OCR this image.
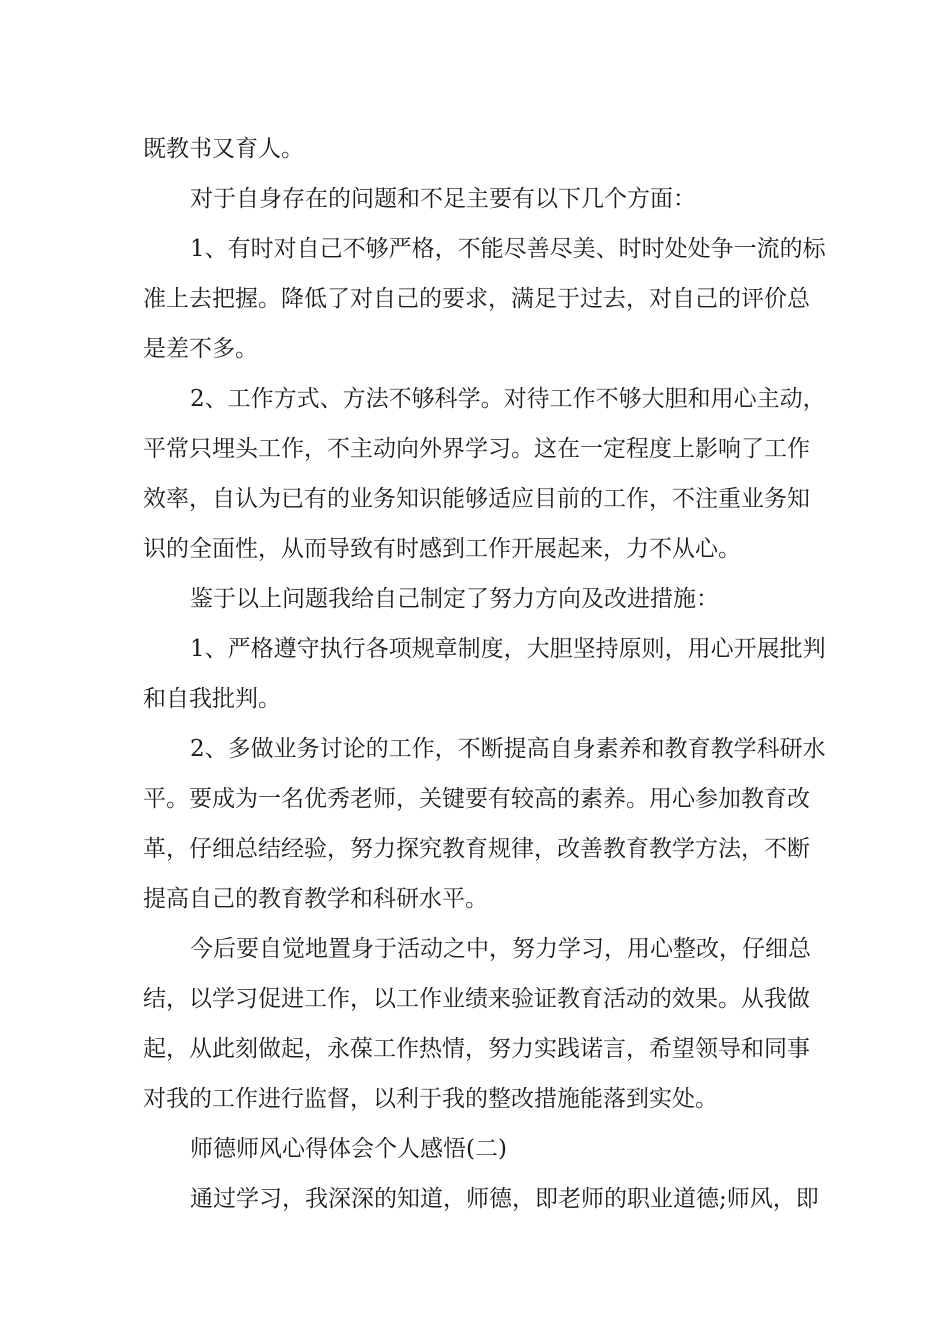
既教书又育人。
对于自身存在的问题和不足主要有以下几个方面：
1、有时对自己不够严格，不能尽善尽美、时时处处争一流的标
准上去把握。降低了对自己的要求，满足于过去，对自己的评价总
是差不多。
2、工作方式、方法不够科学。对待工作不够大胆和用心主动，
平常只埋头工作，不主动向外界学习。这在一定程度上影响了工作
效率，自认为已有的业务知识能够适应目前的工作，不注重业务知
识的全面性，从而导致有时感到工作开展起来，力不从心。
鉴于以上问题我给自己制定了努力方向及改进措施：
1、严格遵守执行各项规章制度，大胆坚持原则，用心开展批判
和自我批判。
2、多做业务讨论的工作，不断提高自身素养和教育教学科研水
平。要成为一名优秀老师，关键要有较高的素养。用心参加教育改
革，仔细总结经验，努力探究教育规律，改善教育教学方法，不断
提高自己的教育教学和科研水平。
今后要自觉地置身于活动之中，努力学习，用心整改，仔细总
结，以学习促进工作，以工作业绩来验证教育活动的效果。从我做
起，从此刻做起，永葆工作热情，努力实践诺言，希望领导和同事
对我的工作进行监督，以利于我的整改措施能落到实处。
师德师风心得体会个人感悟(二)
通过学习，我深深的知道，师德，即老师的职业道德;师风，即
